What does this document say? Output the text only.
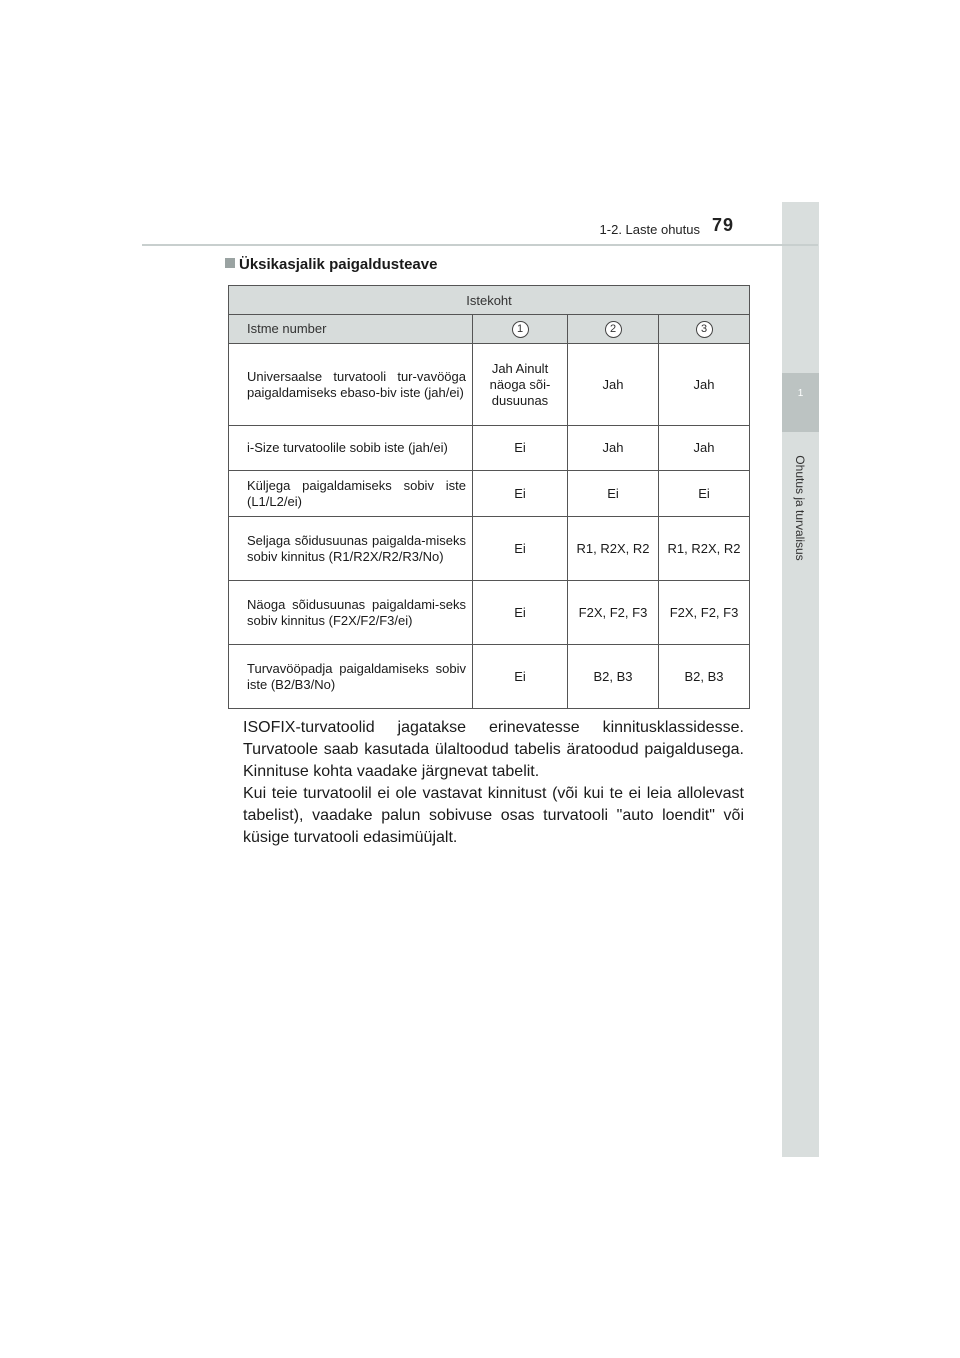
1
Ohutus ja turvalisus
1-2. Laste ohutus 79
Üksikasjalik paigaldusteave
Istekoht			
Istme number	1	2	3
Universaalse turvatooli tur-vavööga paigaldamiseks ebaso-biv iste (jah/ei)	Jah Ainult näoga sõi-dusuunas	Jah	Jah
i-Size turvatoolile sobib iste (jah/ei)	Ei	Jah	Jah
Küljega paigaldamiseks sobiv iste (L1/L2/ei)	Ei	Ei	Ei
Seljaga sõidusuunas paigalda-miseks sobiv kinnitus (R1/R2X/R2/R3/No)	Ei	R1, R2X, R2	R1, R2X, R2
Näoga sõidusuunas paigaldami-seks sobiv kinnitus (F2X/F2/F3/ei)	Ei	F2X, F2, F3	F2X, F2, F3
Turvavööpadja paigaldamiseks sobiv iste (B2/B3/No)	Ei	B2, B3	B2, B3

ISOFIX-turvatoolid jagatakse erinevatesse kinnitusklassidesse. Turvatoole saab kasutada ülaltoodud tabelis äratoodud paigaldusega. Kinnituse kohta vaadake järgnevat tabelit.

Kui teie turvatoolil ei ole vastavat kinnitust (või kui te ei leia allolevast tabelist), vaadake palun sobivuse osas turvatooli "auto loendit" või küsige turvatooli edasimüüjalt.
